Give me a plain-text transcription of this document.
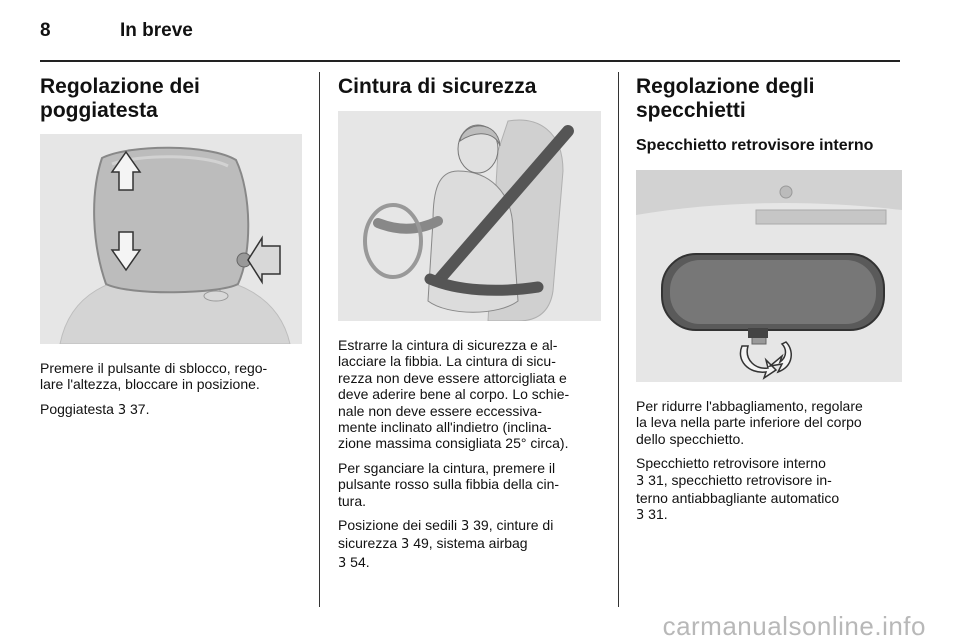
8	In breve
Regolazione dei
poggiatesta

Premere il pulsante di sblocco, rego-

lare l'altezza, bloccare in posizione.

Poggiatesta 3 37.

Cintura di sicurezza

Estrarre la cintura di sicurezza e al-

lacciare la fibbia. La cintura di sicu-

rezza non deve essere attorcigliata e

deve aderire bene al corpo. Lo schie-

nale non deve essere eccessiva-

mente inclinato all'indietro (inclina-

zione massima consigliata 25° circa).

Per sganciare la cintura, premere il

pulsante rosso sulla fibbia della cin-

tura.

Posizione dei sedili 3 39, cinture di

sicurezza 3 49, sistema airbag

3 54.

Regolazione degli
specchietti
Specchietto retrovisore interno

Per ridurre l'abbagliamento, regolare

la leva nella parte inferiore del corpo

dello specchietto.

Specchietto retrovisore interno

3 31, specchietto retrovisore in-

terno antiabbagliante automatico

3 31.

carmanualsonline.info
